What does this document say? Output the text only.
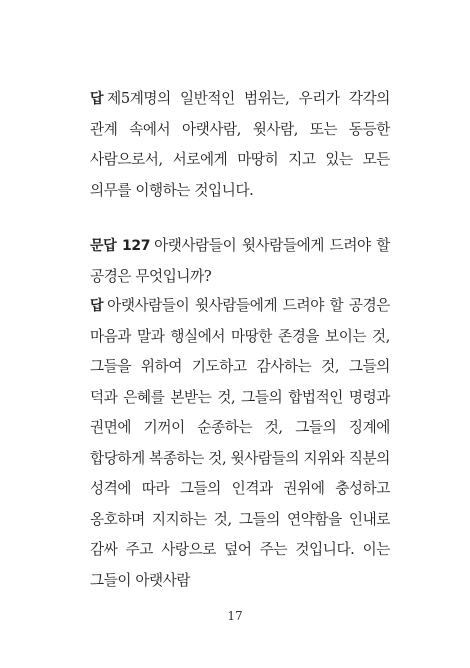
답 제5계명의 일반적인 범위는, 우리가 각각의 관계 속에서 아랫사람, 윗사람, 또는 동등한 사람으로서, 서로에게 마땅히 지고 있는 모든 의무를 이행하는 것입니다.

문답 127 아랫사람들이 윗사람들에게 드려야 할 공경은 무엇입니까?

답 아랫사람들이 윗사람들에게 드려야 할 공경은 마음과 말과 행실에서 마땅한 존경을 보이는 것, 그들을 위하여 기도하고 감사하는 것, 그들의 덕과 은혜를 본받는 것, 그들의 합법적인 명령과 권면에 기꺼이 순종하는 것, 그들의 징계에 합당하게 복종하는 것, 윗사람들의 지위와 직분의 성격에 따라 그들의 인격과 권위에 충성하고 옹호하며 지지하는 것, 그들의 연약함을 인내로 감싸 주고 사랑으로 덮어 주는 것입니다. 이는 그들이 아랫사람

17
